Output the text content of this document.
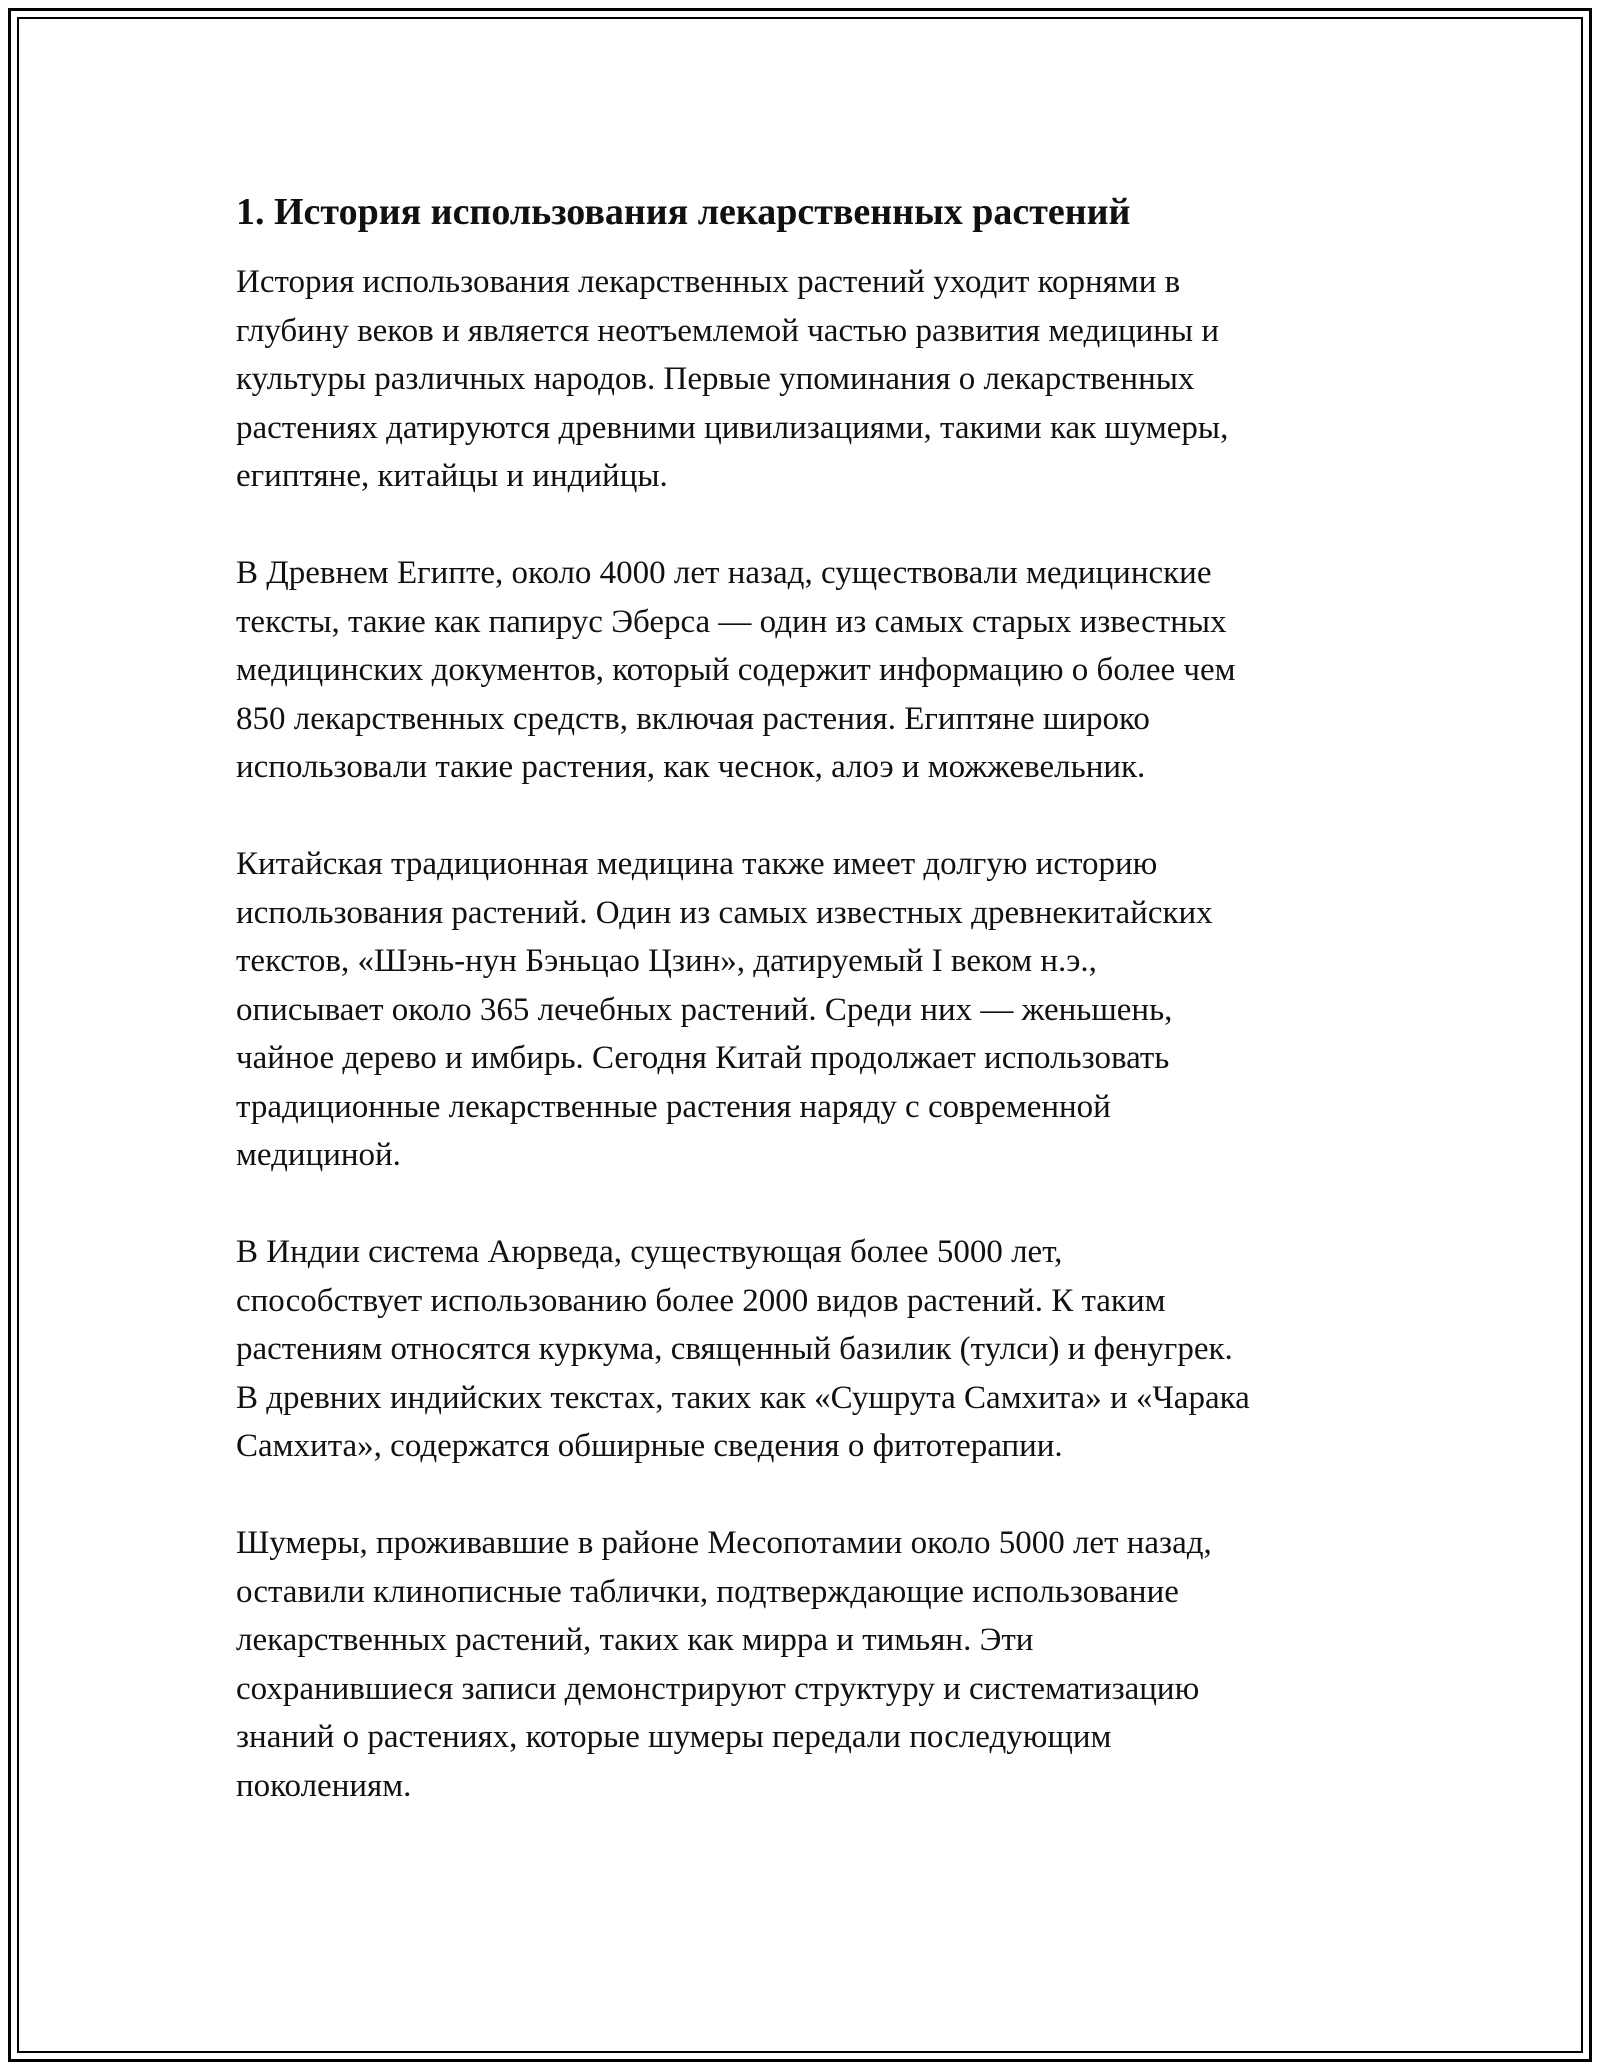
1. История использования лекарственных растений

История использования лекарственных растений уходит корнями в
глубину веков и является неотъемлемой частью развития медицины и
культуры различных народов. Первые упоминания о лекарственных
растениях датируются древними цивилизациями, такими как шумеры,
египтяне, китайцы и индийцы.

В Древнем Египте, около 4000 лет назад, существовали медицинские
тексты, такие как папирус Эберса — один из самых старых известных
медицинских документов, который содержит информацию о более чем
850 лекарственных средств, включая растения. Египтяне широко
использовали такие растения, как чеснок, алоэ и можжевельник.

Китайская традиционная медицина также имеет долгую историю
использования растений. Один из самых известных древнекитайских
текстов, «Шэнь-нун Бэньцао Цзин», датируемый I веком н.э.,
описывает около 365 лечебных растений. Среди них — женьшень,
чайное дерево и имбирь. Сегодня Китай продолжает использовать
традиционные лекарственные растения наряду с современной
медициной.

В Индии система Аюрведа, существующая более 5000 лет,
способствует использованию более 2000 видов растений. К таким
растениям относятся куркума, священный базилик (тулси) и фенугрек.
В древних индийских текстах, таких как «Сушрута Самхита» и «Чарака
Самхита», содержатся обширные сведения о фитотерапии.

Шумеры, проживавшие в районе Месопотамии около 5000 лет назад,
оставили клинописные таблички, подтверждающие использование
лекарственных растений, таких как мирра и тимьян. Эти
сохранившиеся записи демонстрируют структуру и систематизацию
знаний о растениях, которые шумеры передали последующим
поколениям.
